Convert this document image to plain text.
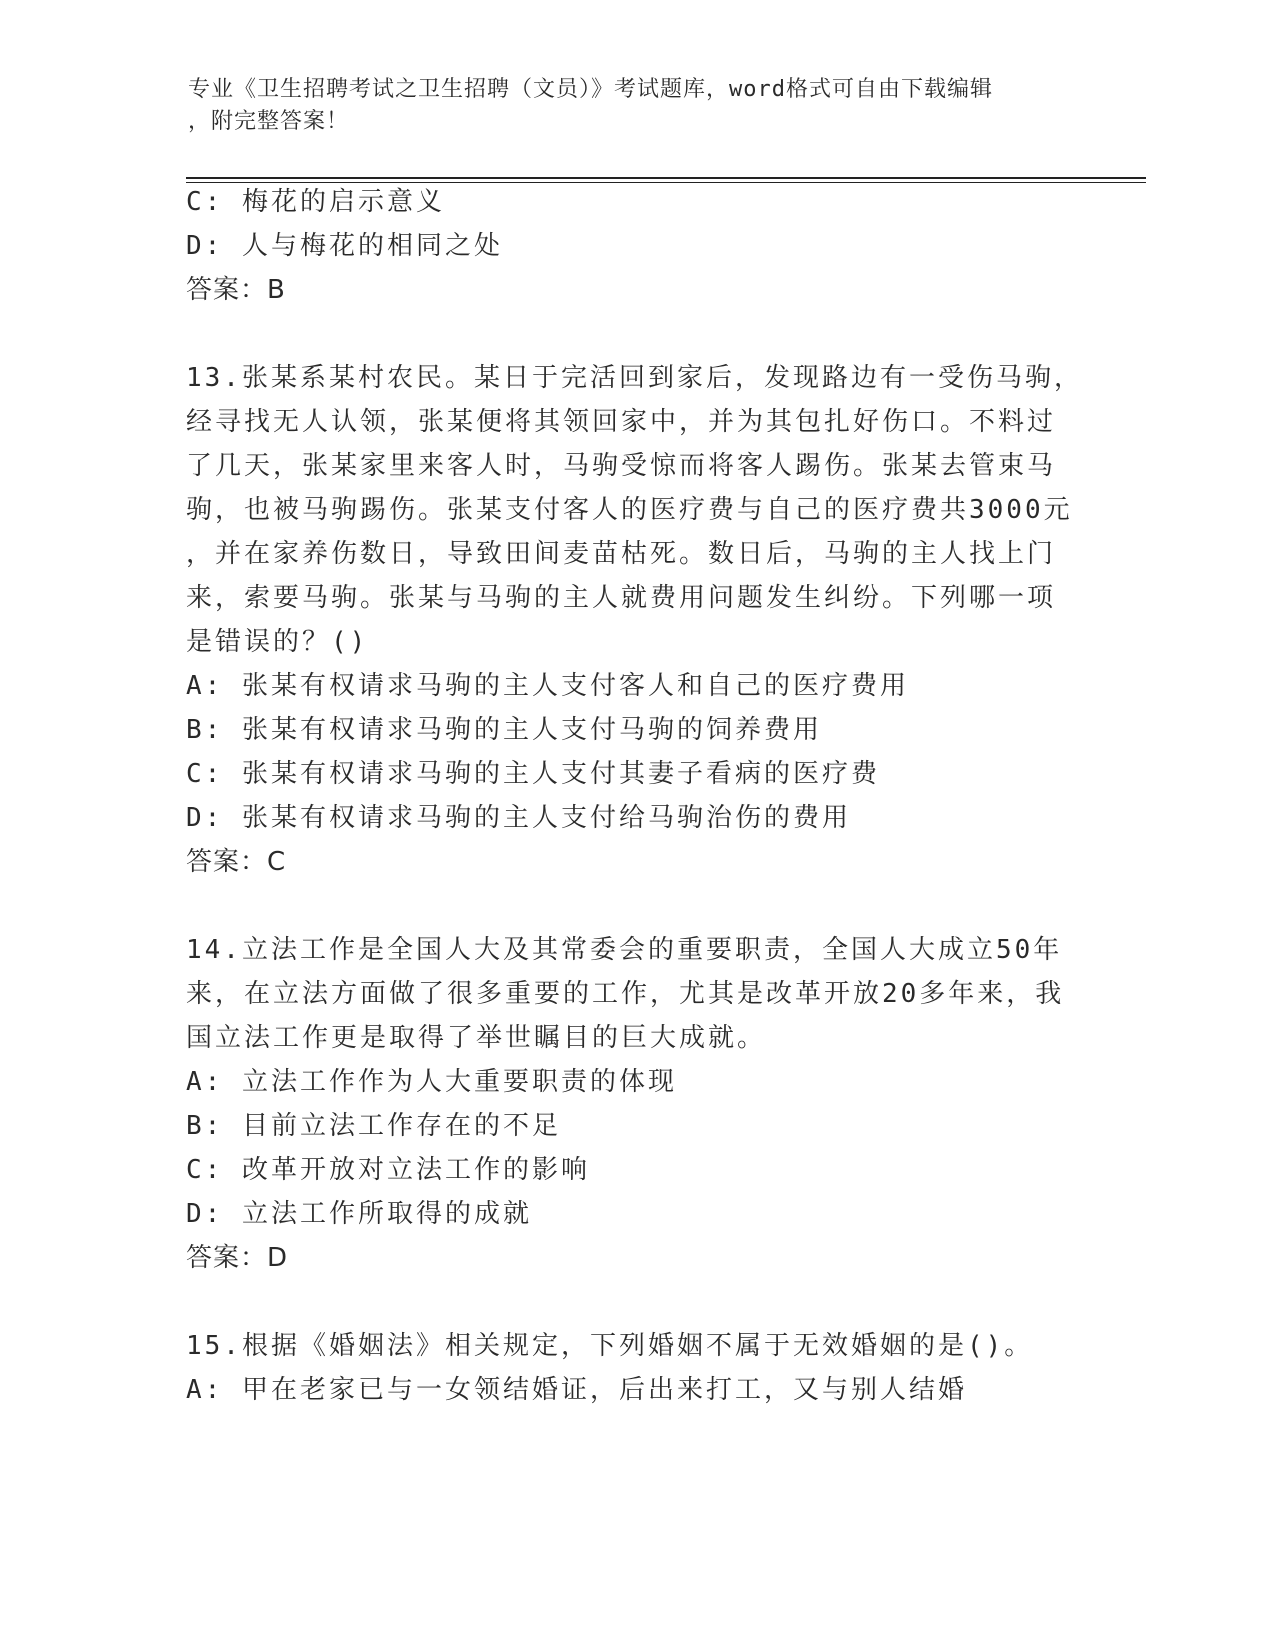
专业《卫生招聘考试之卫生招聘（文员）》考试题库，word格式可自由下载编辑
，附完整答案！
C: 梅花的启示意义
D: 人与梅花的相同之处
答案：B
13.张某系某村农民。某日于完活回到家后，发现路边有一受伤马驹，
经寻找无人认领，张某便将其领回家中，并为其包扎好伤口。不料过
了几天，张某家里来客人时，马驹受惊而将客人踢伤。张某去管束马
驹，也被马驹踢伤。张某支付客人的医疗费与自己的医疗费共3000元
，并在家养伤数日，导致田间麦苗枯死。数日后，马驹的主人找上门
来，索要马驹。张某与马驹的主人就费用问题发生纠纷。下列哪一项
是错误的？()
A: 张某有权请求马驹的主人支付客人和自己的医疗费用
B: 张某有权请求马驹的主人支付马驹的饲养费用
C: 张某有权请求马驹的主人支付其妻子看病的医疗费
D: 张某有权请求马驹的主人支付给马驹治伤的费用
答案：C
14.立法工作是全国人大及其常委会的重要职责，全国人大成立50年
来，在立法方面做了很多重要的工作，尤其是改革开放20多年来，我
国立法工作更是取得了举世瞩目的巨大成就。
A: 立法工作作为人大重要职责的体现
B: 目前立法工作存在的不足
C: 改革开放对立法工作的影响
D: 立法工作所取得的成就
答案：D
15.根据《婚姻法》相关规定，下列婚姻不属于无效婚姻的是()。
A: 甲在老家已与一女领结婚证，后出来打工，又与别人结婚
